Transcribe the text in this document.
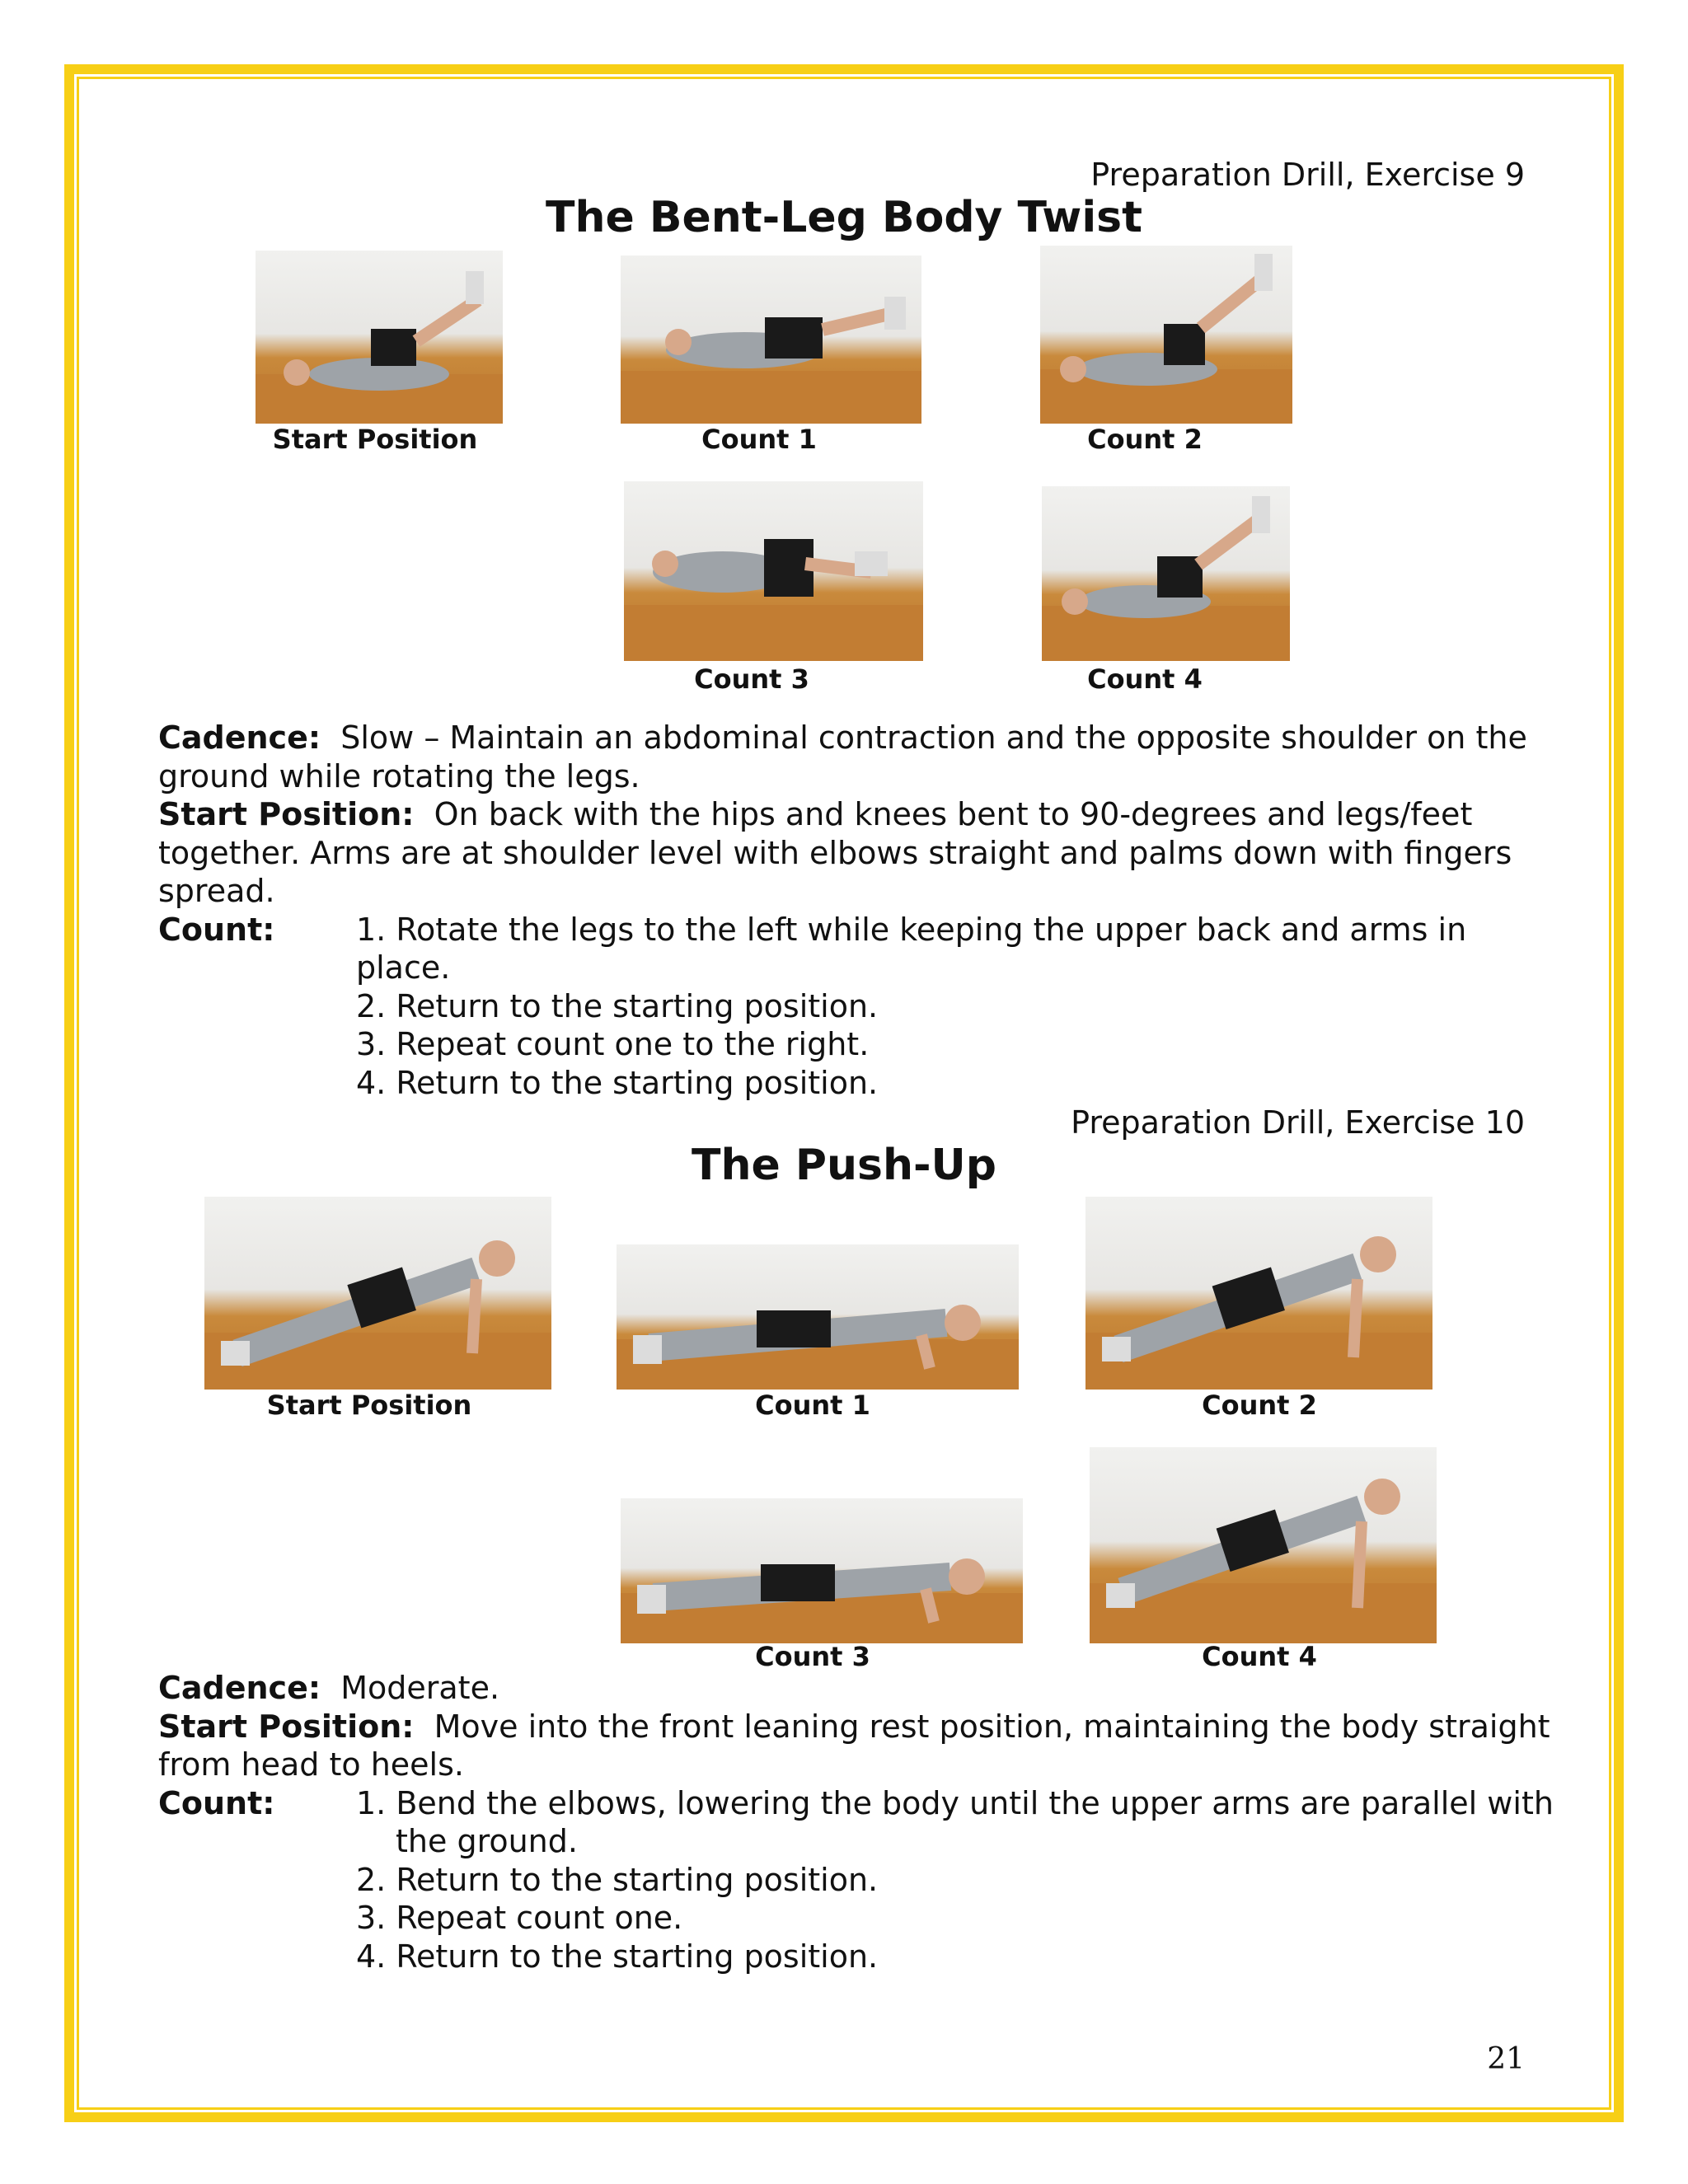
Preparation Drill, Exercise 9
The Bent-Leg Body Twist
Start Position	Count 1	Count 2
Count 3	Count 4
Cadence: Slow – Maintain an abdominal contraction and the opposite shoulder on the ground while rotating the legs.
Start Position: On back with the hips and knees bent to 90-degrees and legs/feet together. Arms are at shoulder level with elbows straight and palms down with fingers spread.
Count:	1. Rotate the legs to the left while keeping the upper back and arms in place.
2. Return to the starting position.
3. Repeat count one to the right.
4. Return to the starting position.
Preparation Drill, Exercise 10
The Push-Up
Start Position	Count 1	Count 2
Count 3	Count 4
Cadence: Moderate.
Start Position: Move into the front leaning rest position, maintaining the body straight from head to heels.
Count:	1. Bend the elbows, lowering the body until the upper arms are parallel with the ground.
2. Return to the starting position.
3. Repeat count one.
4. Return to the starting position.
21
